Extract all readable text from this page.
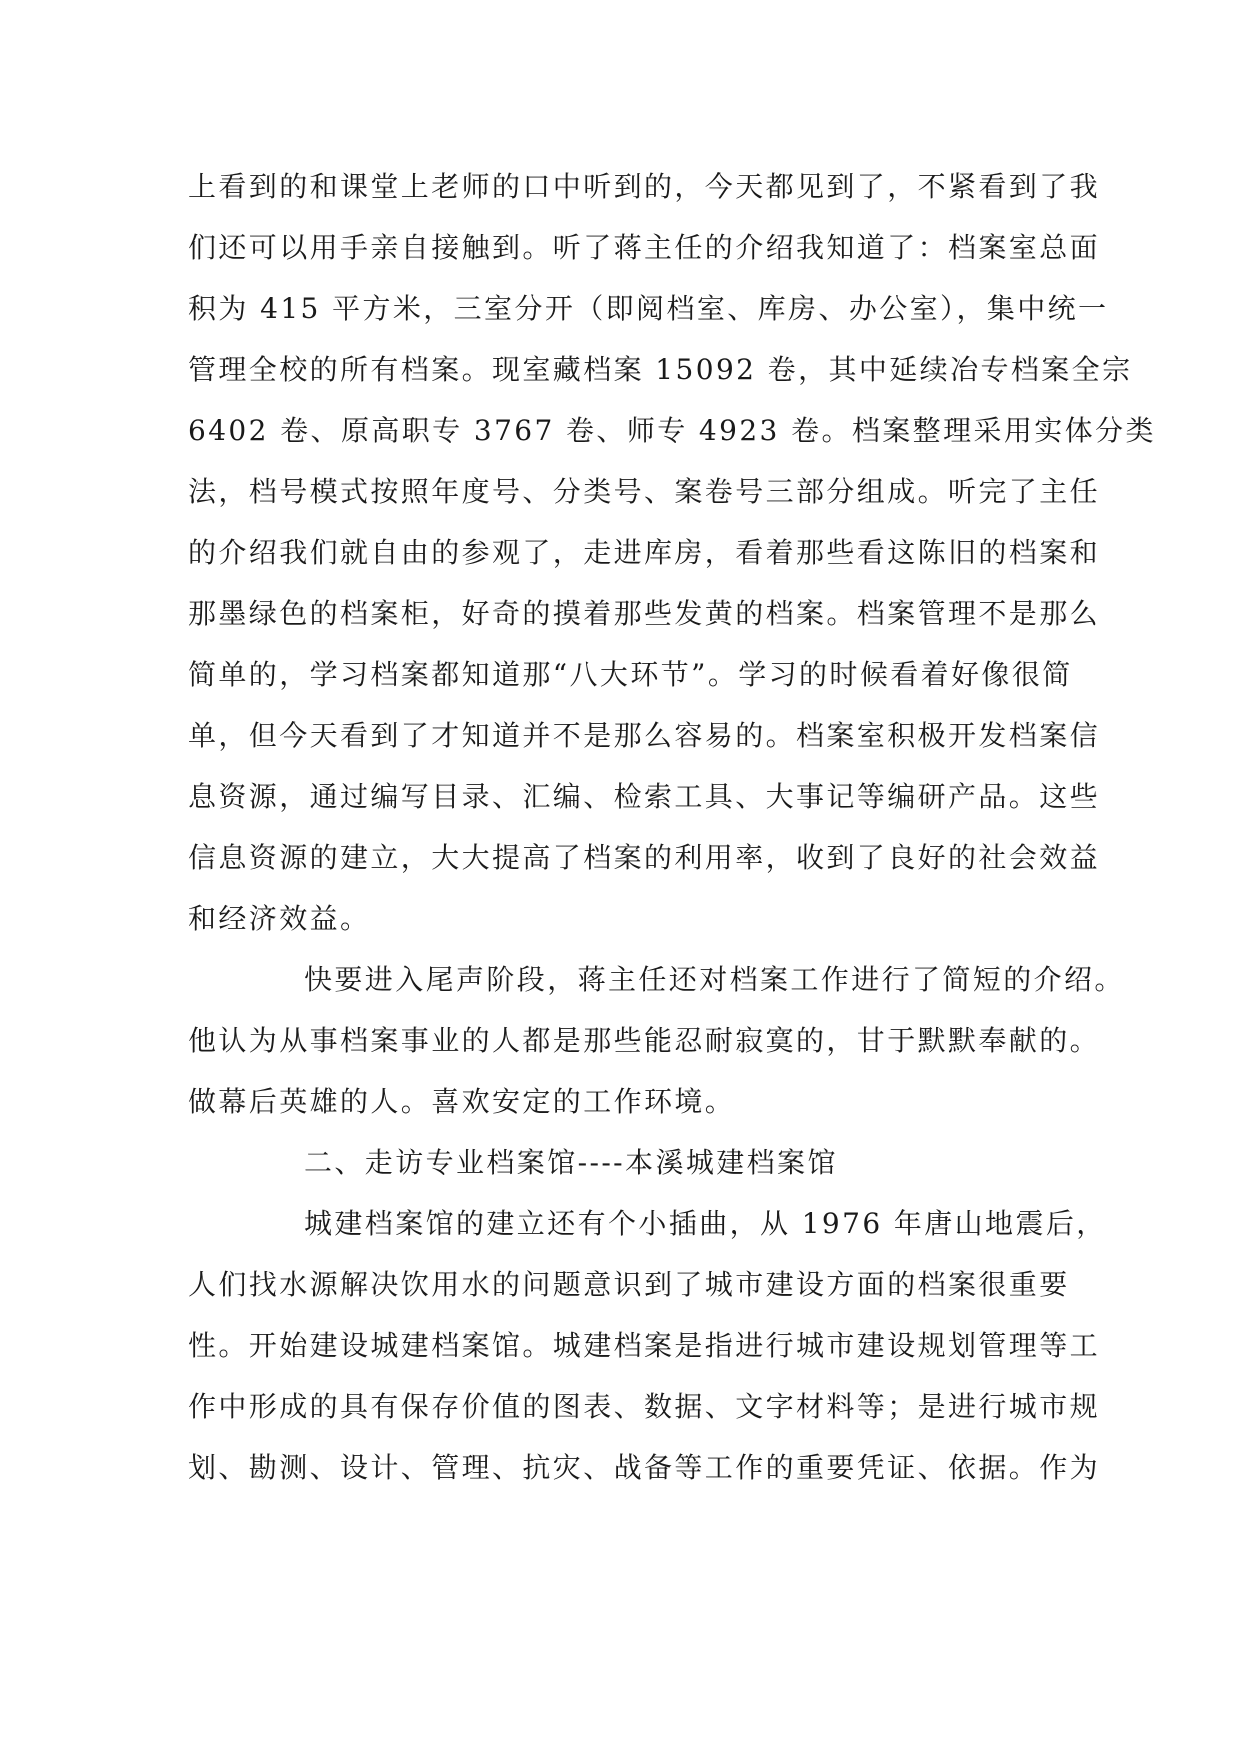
上看到的和课堂上老师的口中听到的，今天都见到了，不紧看到了我
们还可以用手亲自接触到。听了蒋主任的介绍我知道了：档案室总面
积为 415 平方米，三室分开（即阅档室、库房、办公室），集中统一
管理全校的所有档案。现室藏档案 15092 卷，其中延续冶专档案全宗
6402 卷、原高职专 3767 卷、师专 4923 卷。档案整理采用实体分类
法，档号模式按照年度号、分类号、案卷号三部分组成。听完了主任
的介绍我们就自由的参观了，走进库房，看着那些看这陈旧的档案和
那墨绿色的档案柜，好奇的摸着那些发黄的档案。档案管理不是那么
简单的，学习档案都知道那“八大环节”。学习的时候看着好像很简
单，但今天看到了才知道并不是那么容易的。档案室积极开发档案信
息资源，通过编写目录、汇编、检索工具、大事记等编研产品。这些
信息资源的建立，大大提高了档案的利用率，收到了良好的社会效益
和经济效益。
快要进入尾声阶段，蒋主任还对档案工作进行了简短的介绍。
他认为从事档案事业的人都是那些能忍耐寂寞的，甘于默默奉献的。
做幕后英雄的人。喜欢安定的工作环境。
二、走访专业档案馆----本溪城建档案馆
城建档案馆的建立还有个小插曲，从 1976 年唐山地震后，
人们找水源解决饮用水的问题意识到了城市建设方面的档案很重要
性。开始建设城建档案馆。城建档案是指进行城市建设规划管理等工
作中形成的具有保存价值的图表、数据、文字材料等；是进行城市规
划、勘测、设计、管理、抗灾、战备等工作的重要凭证、依据。作为
